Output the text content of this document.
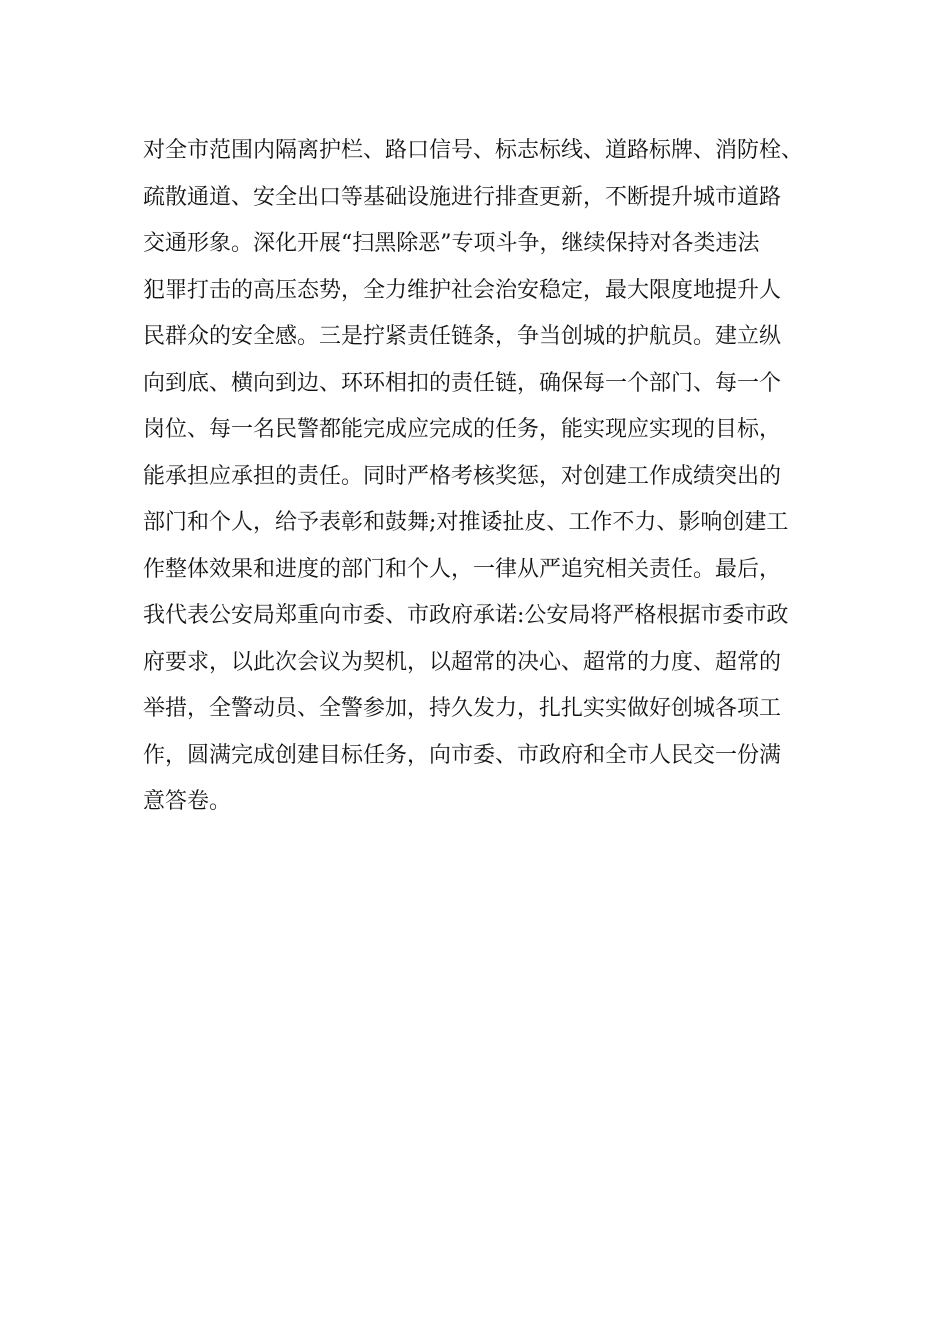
对全市范围内隔离护栏、路口信号、标志标线、道路标牌、消防栓、
疏散通道、安全出口等基础设施进行排查更新，不断提升城市道路
交通形象。深化开展“扫黑除恶”专项斗争，继续保持对各类违法
犯罪打击的高压态势，全力维护社会治安稳定，最大限度地提升人
民群众的安全感。三是拧紧责任链条，争当创城的护航员。建立纵
向到底、横向到边、环环相扣的责任链，确保每一个部门、每一个
岗位、每一名民警都能完成应完成的任务，能实现应实现的目标，
能承担应承担的责任。同时严格考核奖惩，对创建工作成绩突出的
部门和个人，给予表彰和鼓舞;对推诿扯皮、工作不力、影响创建工
作整体效果和进度的部门和个人，一律从严追究相关责任。最后，
我代表公安局郑重向市委、市政府承诺:公安局将严格根据市委市政
府要求，以此次会议为契机，以超常的决心、超常的力度、超常的
举措，全警动员、全警参加，持久发力，扎扎实实做好创城各项工
作，圆满完成创建目标任务，向市委、市政府和全市人民交一份满
意答卷。
